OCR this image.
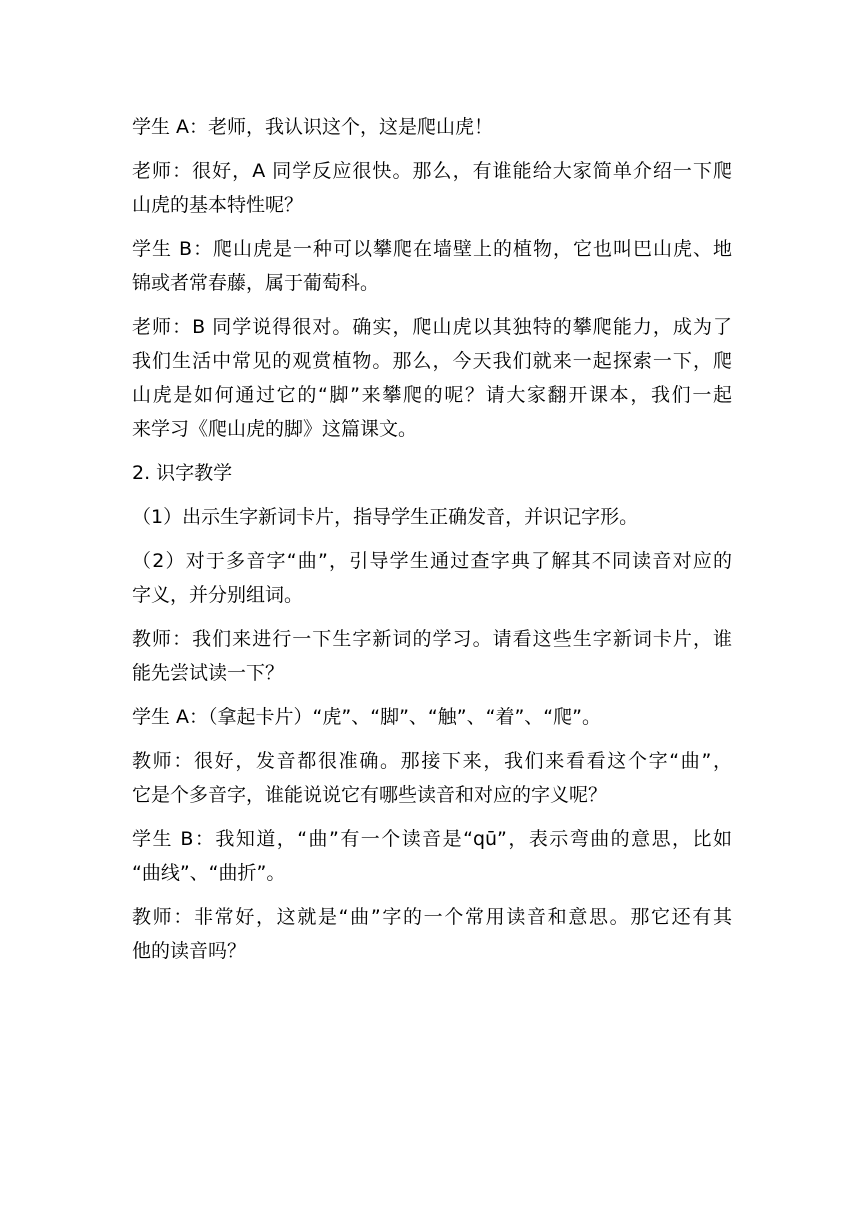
学生 A：老师，我认识这个，这是爬山虎！
老师：很好，A 同学反应很快。那么，有谁能给大家简单介绍一下爬
山虎的基本特性呢？
学生 B：爬山虎是一种可以攀爬在墙壁上的植物，它也叫巴山虎、地
锦或者常春藤，属于葡萄科。
老师：B 同学说得很对。确实，爬山虎以其独特的攀爬能力，成为了
我们生活中常见的观赏植物。那么，今天我们就来一起探索一下，爬
山虎是如何通过它的“脚”来攀爬的呢？请大家翻开课本，我们一起
来学习《爬山虎的脚》这篇课文。
2. 识字教学
（1）出示生字新词卡片，指导学生正确发音，并识记字形。
（2）对于多音字“曲”，引导学生通过查字典了解其不同读音对应的
字义，并分别组词。
教师：我们来进行一下生字新词的学习。请看这些生字新词卡片，谁
能先尝试读一下？
学生 A：（拿起卡片）“虎”、“脚”、“触”、“着”、“爬”。
教师：很好，发音都很准确。那接下来，我们来看看这个字“曲”，
它是个多音字，谁能说说它有哪些读音和对应的字义呢？
学生 B：我知道，“曲”有一个读音是“qū”，表示弯曲的意思，比如
“曲线”、“曲折”。
教师：非常好，这就是“曲”字的一个常用读音和意思。那它还有其
他的读音吗？
